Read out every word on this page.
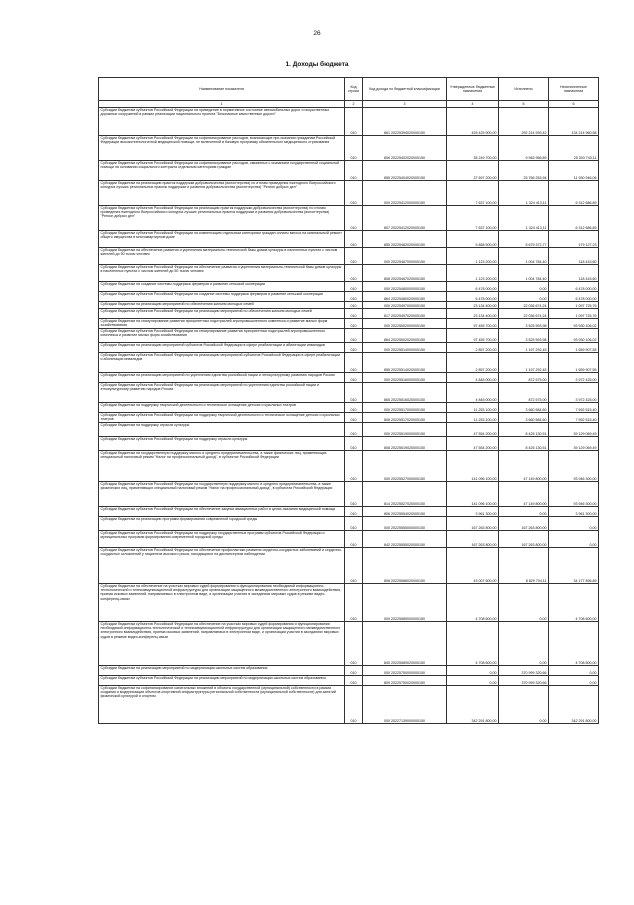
26
1. Доходы бюджета
Наименование показателя	Код строки	Код дохода по бюджетной классификации	Утвержденные бюджетные назначения	Исполнено	Неисполненные назначения
1	2	3	4	5	6
Субсидии бюджетам субъектов Российской Федерации на приведение в нормативное состояние автомобильных дорог и искусственных дорожных сооружений в рамках реализации национального проекта "Безопасные качественные дороги"	010	861 20225394020000150	425 429 900,00	292 214 939,42	134 214 960,58
Субсидии бюджетам субъектов Российской Федерации на софинансирование расходов, возникающих при оказании гражданам Российской Федерации высокотехнологичной медицинской помощи, не включенной в базовую программу обязательного медицинского страхования	010	806 20225402020000150	35 249 700,00	9 945 956,89	25 303 743,11
Субсидии бюджетам субъектов Российской Федерации на софинансирование расходов, связанных с оказанием государственной социальной помощи на основании социального контракта отдельным категориям граждан	010	855 20225404020000150	37 697 200,00	25 766 253,94	11 930 946,06
Субсидии бюджетам на реализацию практик поддержки добровольчества (волонтерства) по итогам проведения ежегодного Всероссийского конкурса лучших региональных практик поддержки и развития добровольчества (волонтерства) "Регион добрых дел"	010	000 20225412000000150	7 637 100,00	1 324 413,11	6 312 686,89
Субсидии бюджетам субъектов Российской Федерации на реализацию практик поддержки добровольчества (волонтерства) по итогам проведения ежегодного Всероссийского конкурса лучших региональных практик поддержки и развития добровольчества (волонтерства) "Регион добрых дел"	010	807 20225412020000150	7 637 100,00	1 324 413,11	6 312 686,89
Субсидии бюджетам субъектов Российской Федерации на компенсацию отдельным категориям граждан оплаты взноса на капитальный ремонт общего имущества в многоквартирном доме	010	855 20225462020000150	5 858 500,00	5 679 372,77	179 127,23
Субсидии бюджетам на обеспечение развития и укрепления материально-технической базы домов культуры в населенных пунктах с числом жителей до 50 тысяч человек	010	000 20225467000000150	1 123 200,00	1 004 784,40	118 415,60
Субсидии бюджетам субъектов Российской Федерации на обеспечение развития и укрепления материально-технической базы домов культуры в населенных пунктах с числом жителей до 50 тысяч человек	010	808 20225467020000150	1 123 200,00	1 004 784,40	118 415,60
Субсидии бюджетам на создание системы поддержки фермеров и развитие сельской кооперации	010	000 20225480000000150	6 478 000,00	0,00	6 478 000,00
Субсидии бюджетам субъектов Российской Федерации на создание системы поддержки фермеров и развитие сельской кооперации	010	864 20225480020000150	6 478 000,00	0,00	6 478 000,00
Субсидии бюджетам на реализацию мероприятий по обеспечению жильем молодых семей	010	000 20225497000000150	23 134 400,00	22 036 674,24	1 097 725,76
Субсидии бюджетам субъектов Российской Федерации на реализацию мероприятий по обеспечению жильем молодых семей	010	817 20225497020000150	23 134 400,00	22 036 674,24	1 097 725,76
Субсидии бюджетам на стимулирование развития приоритетных подотраслей агропромышленного комплекса и развитие малых форм хозяйствования	010	000 20225502000000150	97 455 700,00	3 525 593,98	93 930 106,02
Субсидии бюджетам субъектов Российской Федерации на стимулирование развития приоритетных подотраслей агропромышленного комплекса и развитие малых форм хозяйствования	010	864 20225502020000150	97 455 700,00	3 525 593,98	93 930 106,02
Субсидии бюджетам на реализацию мероприятий субъектов Российской Федерации в сфере реабилитации и абилитации инвалидов	010	000 20225514000000150	2 857 200,00	1 197 292,45	1 659 907,55
Субсидии бюджетам субъектов Российской Федерации на реализацию мероприятий субъектов Российской Федерации в сфере реабилитации и абилитации инвалидов	010	855 20225514020000150	2 857 200,00	1 197 292,45	1 659 907,55
Субсидии бюджетам на реализацию мероприятий по укреплению единства российской нации и этнокультурному развитию народов России	010	000 20225516000000150	4 845 000,00	872 575,00	3 972 425,00
Субсидии бюджетам субъектов Российской Федерации на реализацию мероприятий по укреплению единства российской нации и этнокультурному развитию народов России	010	865 20225516020000150	4 845 000,00	872 575,00	3 972 425,00
Субсидии бюджетам на поддержку творческой деятельности и техническое оснащение детских и кукольных театров	010	000 20225517000000150	11 253 100,00	3 660 584,60	7 592 515,40
Субсидии бюджетам субъектов Российской Федерации на поддержку творческой деятельности и техническое оснащение детских и кукольных театров	010	808 20225517020000150	11 253 100,00	3 660 584,60	7 592 515,40
Субсидии бюджетам на поддержку отрасли культуры	010	000 20225519000000150	47 554 200,00	8 425 130,51	39 129 069,49
Субсидии бюджетам субъектов Российской Федерации на поддержку отрасли культуры	010	808 20225519020000150	47 554 200,00	8 425 130,51	39 129 069,49
Субсидии бюджетам на государственную поддержку малого и среднего предпринимательства, а также физических лиц, применяющих специальный налоговый режим "Налог на профессиональный доход", в субъектах Российской Федерации	010	000 20225527000000150	141 096 100,00	47 149 800,00	93 946 300,00
Субсидии бюджетам субъектов Российской Федерации на государственную поддержку малого и среднего предпринимательства, а также физических лиц, применяющих специальный налоговый режим "Налог на профессиональный доход", в субъектах Российской Федерации	010	814 20225527020000150	141 096 100,00	47 149 800,00	93 946 300,00
Субсидии бюджетам субъектов Российской Федерации на обеспечение закупки авиационных работ в целях оказания медицинской помощи	010	806 20225554020000150	3 961 300,00	0,00	3 961 300,00
Субсидии бюджетам на реализацию программ формирования современной городской среды	010	000 20225555000000150	167 263 800,00	167 263 800,00	0,00
Субсидии бюджетам субъектов Российской Федерации на поддержку государственных программ субъектов Российской Федерации и муниципальных программ формирования современной городской среды	010	842 20225555020000150	167 263 800,00	167 263 800,00	0,00
Субсидии бюджетам субъектов Российской Федерации на обеспечение профилактики развития сердечно-сосудистых заболеваний и сердечно-сосудистых осложнений у пациентов высокого риска, находящихся на диспансерном наблюдении	010	806 20225586020000150	43 007 600,00	8 829 704,11	34 177 895,89
Субсидии бюджетам на обеспечение на участках мировых судей формирования и функционирования необходимой информационно-технологической и телекоммуникационной инфраструктуры для организации защищенного межведомственного электронного взаимодействия, приема исковых заявлений, направляемых в электронном виде, и организации участия в заседаниях мировых судов в режиме видео-конференц-связи	010	000 20225589000000150	4 708 600,00	0,00	4 708 600,00
Субсидии бюджетам субъектов Российской Федерации на обеспечение на участках мировых судей формирования и функционирования необходимой информационно-технологической и телекоммуникационной инфраструктуры для организации защищенного межведомственного электронного взаимодействия, приема исковых заявлений, направляемых в электронном виде, и организации участия в заседаниях мировых судов в режиме видео-конференц-связи	010	840 20225589020000150	4 708 600,00	0,00	4 708 600,00
Субсидии бюджетам на реализацию мероприятий по модернизации школьных систем образования	010	000 20225750000000150	0,00	370 999 320,66	0,00
Субсидии бюджетам субъектов Российской Федерации на реализацию мероприятий по модернизации школьных систем образования	010	809 20225750020000150	0,00	370 999 320,66	0,00
Субсидии бюджетам на софинансирование капитальных вложений в объекты государственной (муниципальной) собственности в рамках создания и модернизации объектов спортивной инфраструктуры региональной собственности (муниципальной собственности) для занятий физической культурой и спортом	010	000 20227139000000150	342 291 800,00	0,00	342 291 800,00
